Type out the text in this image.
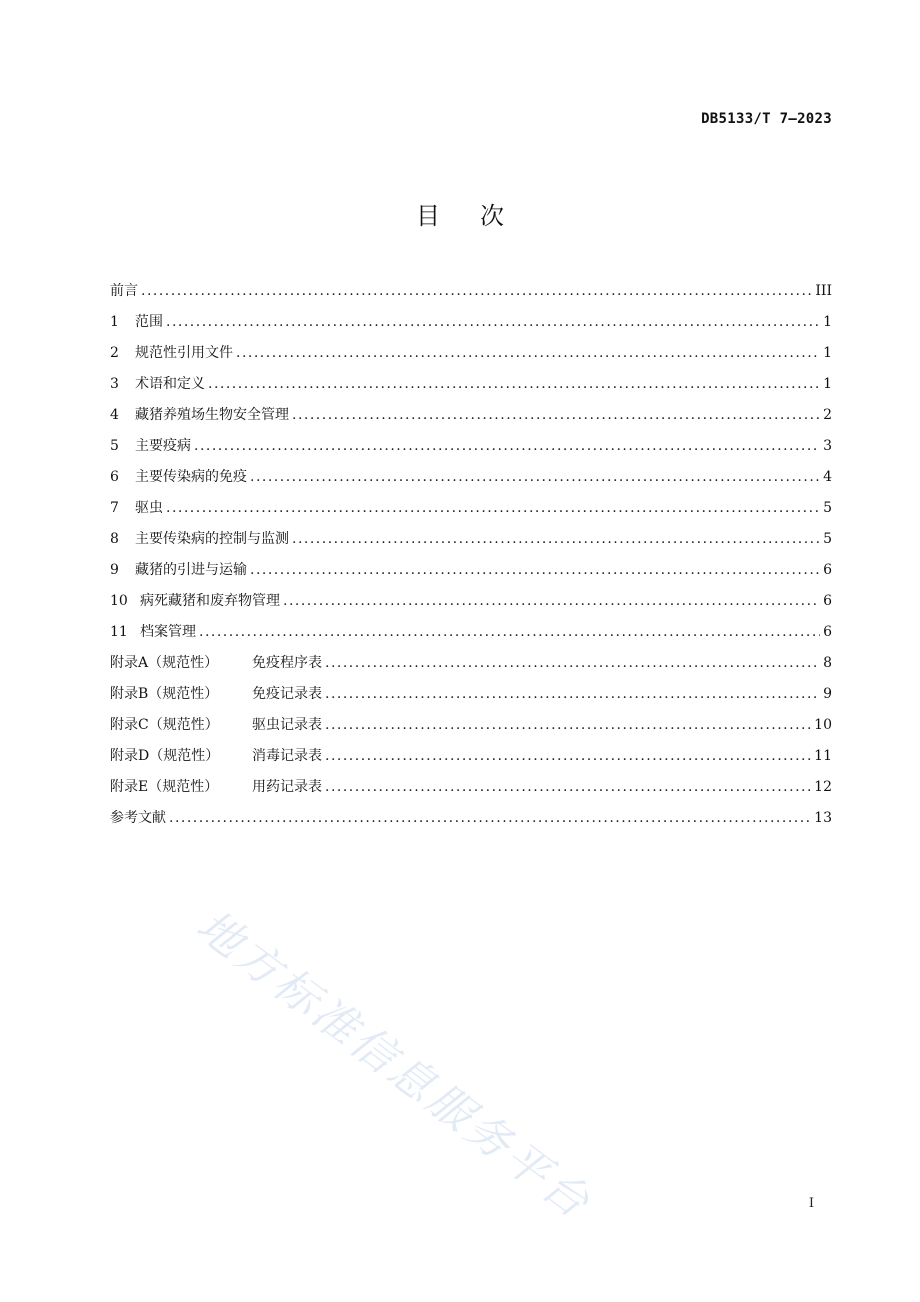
DB5133/T 7—2023
目次
前言 .....	III
1 范围 .....	1
2 规范性引用文件 .....	1
3 术语和定义 .....	1
4 藏猪养殖场生物安全管理 .....	2
5 主要疫病 .....	3
6 主要传染病的免疫 .....	4
7 驱虫 .....	5
8 主要传染病的控制与监测 .....	5
9 藏猪的引进与运输 .....	6
10 病死藏猪和废弃物管理 .....	6
11 档案管理 .....	6
附录A（规范性） 免疫程序表 .....	8
附录B（规范性） 免疫记录表 .....	9
附录C（规范性） 驱虫记录表 .....	10
附录D（规范性） 消毒记录表 .....	11
附录E（规范性） 用药记录表 .....	12
参考文献 .....	13
地方标准信息服务平台	I
